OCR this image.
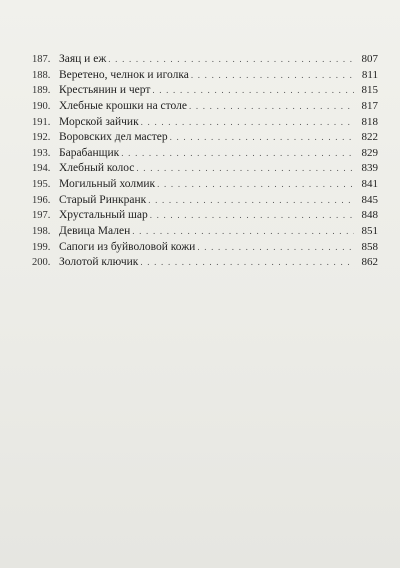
187. Заяц и еж . . .	807
188. Веретено, челнок и иголка . . .	811
189. Крестьянин и черт . . .	815
190. Хлебные крошки на столе . . .	817
191. Морской зайчик . . .	818
192. Воровских дел мастер . . .	822
193. Барабанщик . . .	829
194. Хлебный колос . . .	839
195. Могильный холмик . . .	841
196. Старый Ринкранк . . .	845
197. Хрустальный шар . . .	848
198. Девица Мален . . .	851
199. Сапоги из буйволовой кожи . . .	858
200. Золотой ключик . . .	862
